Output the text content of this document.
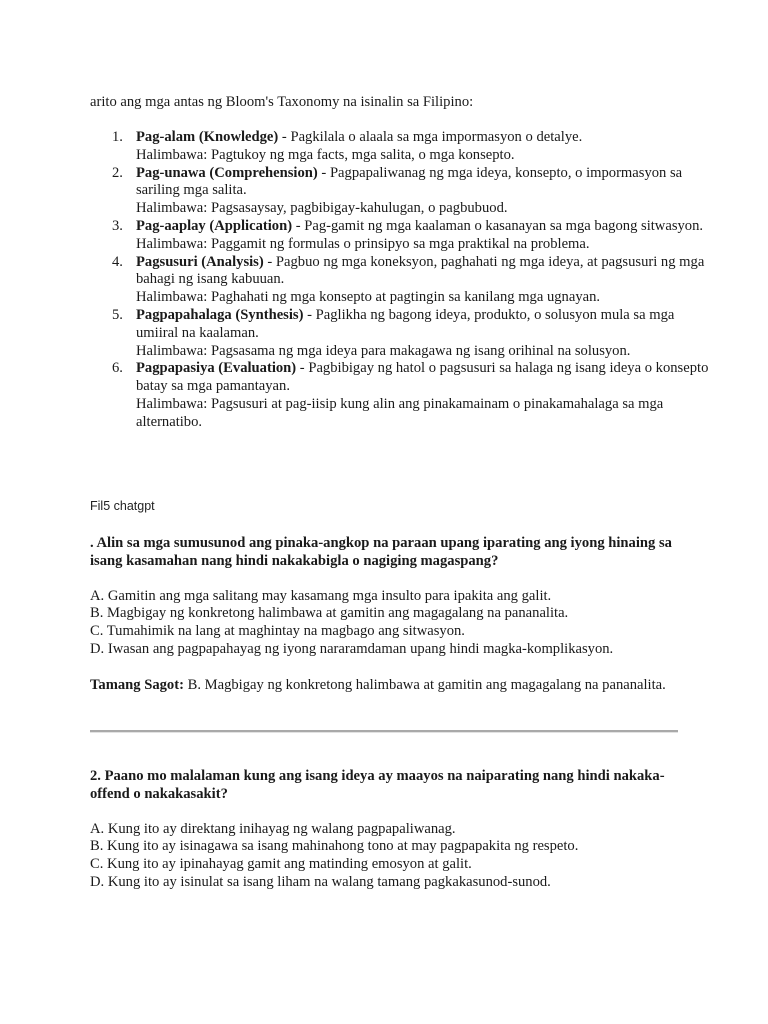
arito ang mga antas ng Bloom's Taxonomy na isinalin sa Filipino:

1. Pag-alam (Knowledge) - Pagkilala o alaala sa mga impormasyon o detalye.
Halimbawa: Pagtukoy ng mga facts, mga salita, o mga konsepto.
2. Pag-unawa (Comprehension) - Pagpapaliwanag ng mga ideya, konsepto, o impormasyon sa sariling mga salita.
Halimbawa: Pagsasaysay, pagbibigay-kahulugan, o pagbubuod.
3. Pag-aaplay (Application) - Pag-gamit ng mga kaalaman o kasanayan sa mga bagong sitwasyon.
Halimbawa: Paggamit ng formulas o prinsipyo sa mga praktikal na problema.
4. Pagsusuri (Analysis) - Pagbuo ng mga koneksyon, paghahati ng mga ideya, at pagsusuri ng mga bahagi ng isang kabuuan.
Halimbawa: Paghahati ng mga konsepto at pagtingin sa kanilang mga ugnayan.
5. Pagpapahalaga (Synthesis) - Paglikha ng bagong ideya, produkto, o solusyon mula sa mga umiiral na kaalaman.
Halimbawa: Pagsasama ng mga ideya para makagawa ng isang orihinal na solusyon.
6. Pagpapasiya (Evaluation) - Pagbibigay ng hatol o pagsusuri sa halaga ng isang ideya o konsepto batay sa mga pamantayan.
Halimbawa: Pagsusuri at pag-iisip kung alin ang pinakamainam o pinakamahalaga sa mga alternatibo.

Fil5 chatgpt

. Alin sa mga sumusunod ang pinaka-angkop na paraan upang iparating ang iyong hinaing sa isang kasamahan nang hindi nakakabigla o nagiging magaspang?

A. Gamitin ang mga salitang may kasamang mga insulto para ipakita ang galit.
B. Magbigay ng konkretong halimbawa at gamitin ang magagalang na pananalita.
C. Tumahimik na lang at maghintay na magbago ang sitwasyon.
D. Iwasan ang pagpapahayag ng iyong nararamdaman upang hindi magka-komplikasyon.

Tamang Sagot: B. Magbigay ng konkretong halimbawa at gamitin ang magagalang na pananalita.

2. Paano mo malalaman kung ang isang ideya ay maayos na naiparating nang hindi nakaka-offend o nakakasakit?

A. Kung ito ay direktang inihayag ng walang pagpapaliwanag.
B. Kung ito ay isinagawa sa isang mahinahong tono at may pagpapakita ng respeto.
C. Kung ito ay ipinahayag gamit ang matinding emosyon at galit.
D. Kung ito ay isinulat sa isang liham na walang tamang pagkakasunod-sunod.
